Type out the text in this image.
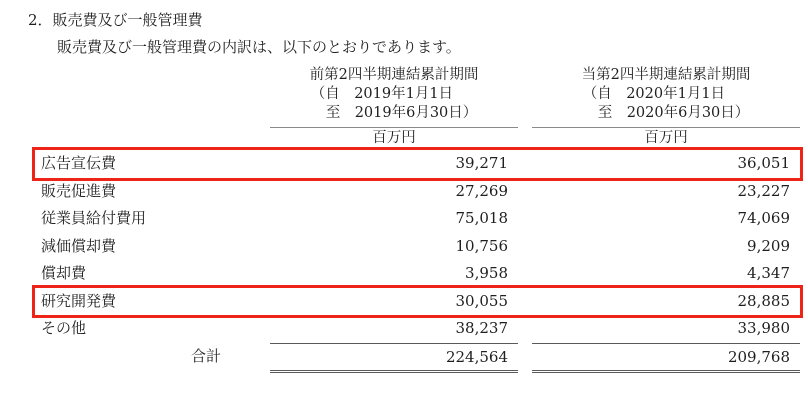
2．販売費及び一般管理費
販売費及び一般管理費の内訳は、以下のとおりであります。
前第2四半期連結累計期間
（自　2019年1月1日
至　2019年6月30日）
当第2四半期連結累計期間
（自　2020年1月1日
至　2020年6月30日）
百万円	百万円
広告宣伝費	39,271	36,051
販売促進費	27,269	23,227
従業員給付費用	75,018	74,069
減価償却費	10,756	9,209
償却費	3,958	4,347
研究開発費	30,055	28,885
その他	38,237	33,980
合計	224,564	209,768
